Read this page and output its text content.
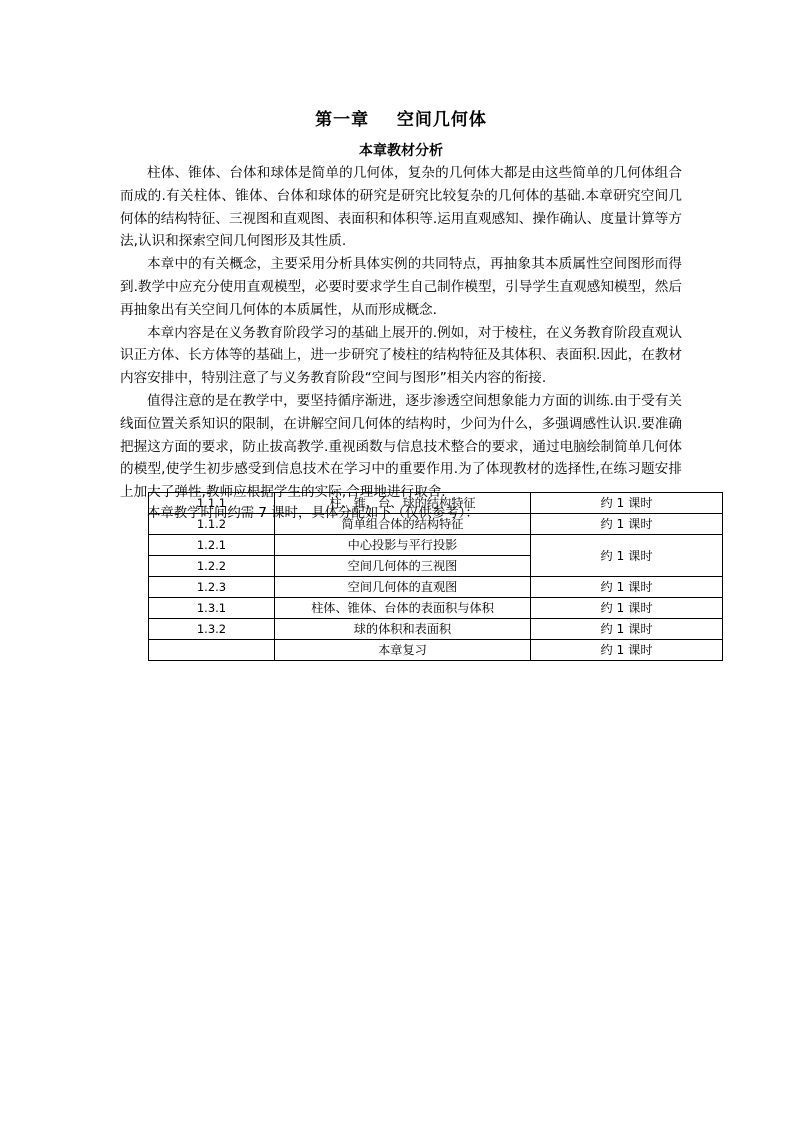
第一章    空间几何体
本章教材分析

柱体、锥体、台体和球体是简单的几何体，复杂的几何体大都是由这些简单的几何体组合而成的.有关柱体、锥体、台体和球体的研究是研究比较复杂的几何体的基础.本章研究空间几何体的结构特征、三视图和直观图、表面积和体积等.运用直观感知、操作确认、度量计算等方法,认识和探索空间几何图形及其性质.

本章中的有关概念，主要采用分析具体实例的共同特点，再抽象其本质属性空间图形而得到.教学中应充分使用直观模型，必要时要求学生自己制作模型，引导学生直观感知模型，然后再抽象出有关空间几何体的本质属性，从而形成概念.

本章内容是在义务教育阶段学习的基础上展开的.例如，对于棱柱，在义务教育阶段直观认识正方体、长方体等的基础上，进一步研究了棱柱的结构特征及其体积、表面积.因此，在教材内容安排中，特别注意了与义务教育阶段“空间与图形”相关内容的衔接.

值得注意的是在教学中，要坚持循序渐进，逐步渗透空间想象能力方面的训练.由于受有关线面位置关系知识的限制，在讲解空间几何体的结构时，少问为什么，多强调感性认识.要准确把握这方面的要求，防止拔高教学.重视函数与信息技术整合的要求，通过电脑绘制简单几何体的模型,使学生初步感受到信息技术在学习中的重要作用.为了体现教材的选择性,在练习题安排上加大了弹性,教师应根据学生的实际,合理地进行取舍.

本章教学时间约需 7 课时，具体分配如下（仅供参考）：

1.1.1	柱、锥、台、球的结构特征	约 1 课时
1.1.2	简单组合体的结构特征	约 1 课时
1.2.1	中心投影与平行投影	约 1 课时
1.2.2	空间几何体的三视图	
1.2.3	空间几何体的直观图	约 1 课时
1.3.1	柱体、锥体、台体的表面积与体积	约 1 课时
1.3.2	球的体积和表面积	约 1 课时
	本章复习	约 1 课时
